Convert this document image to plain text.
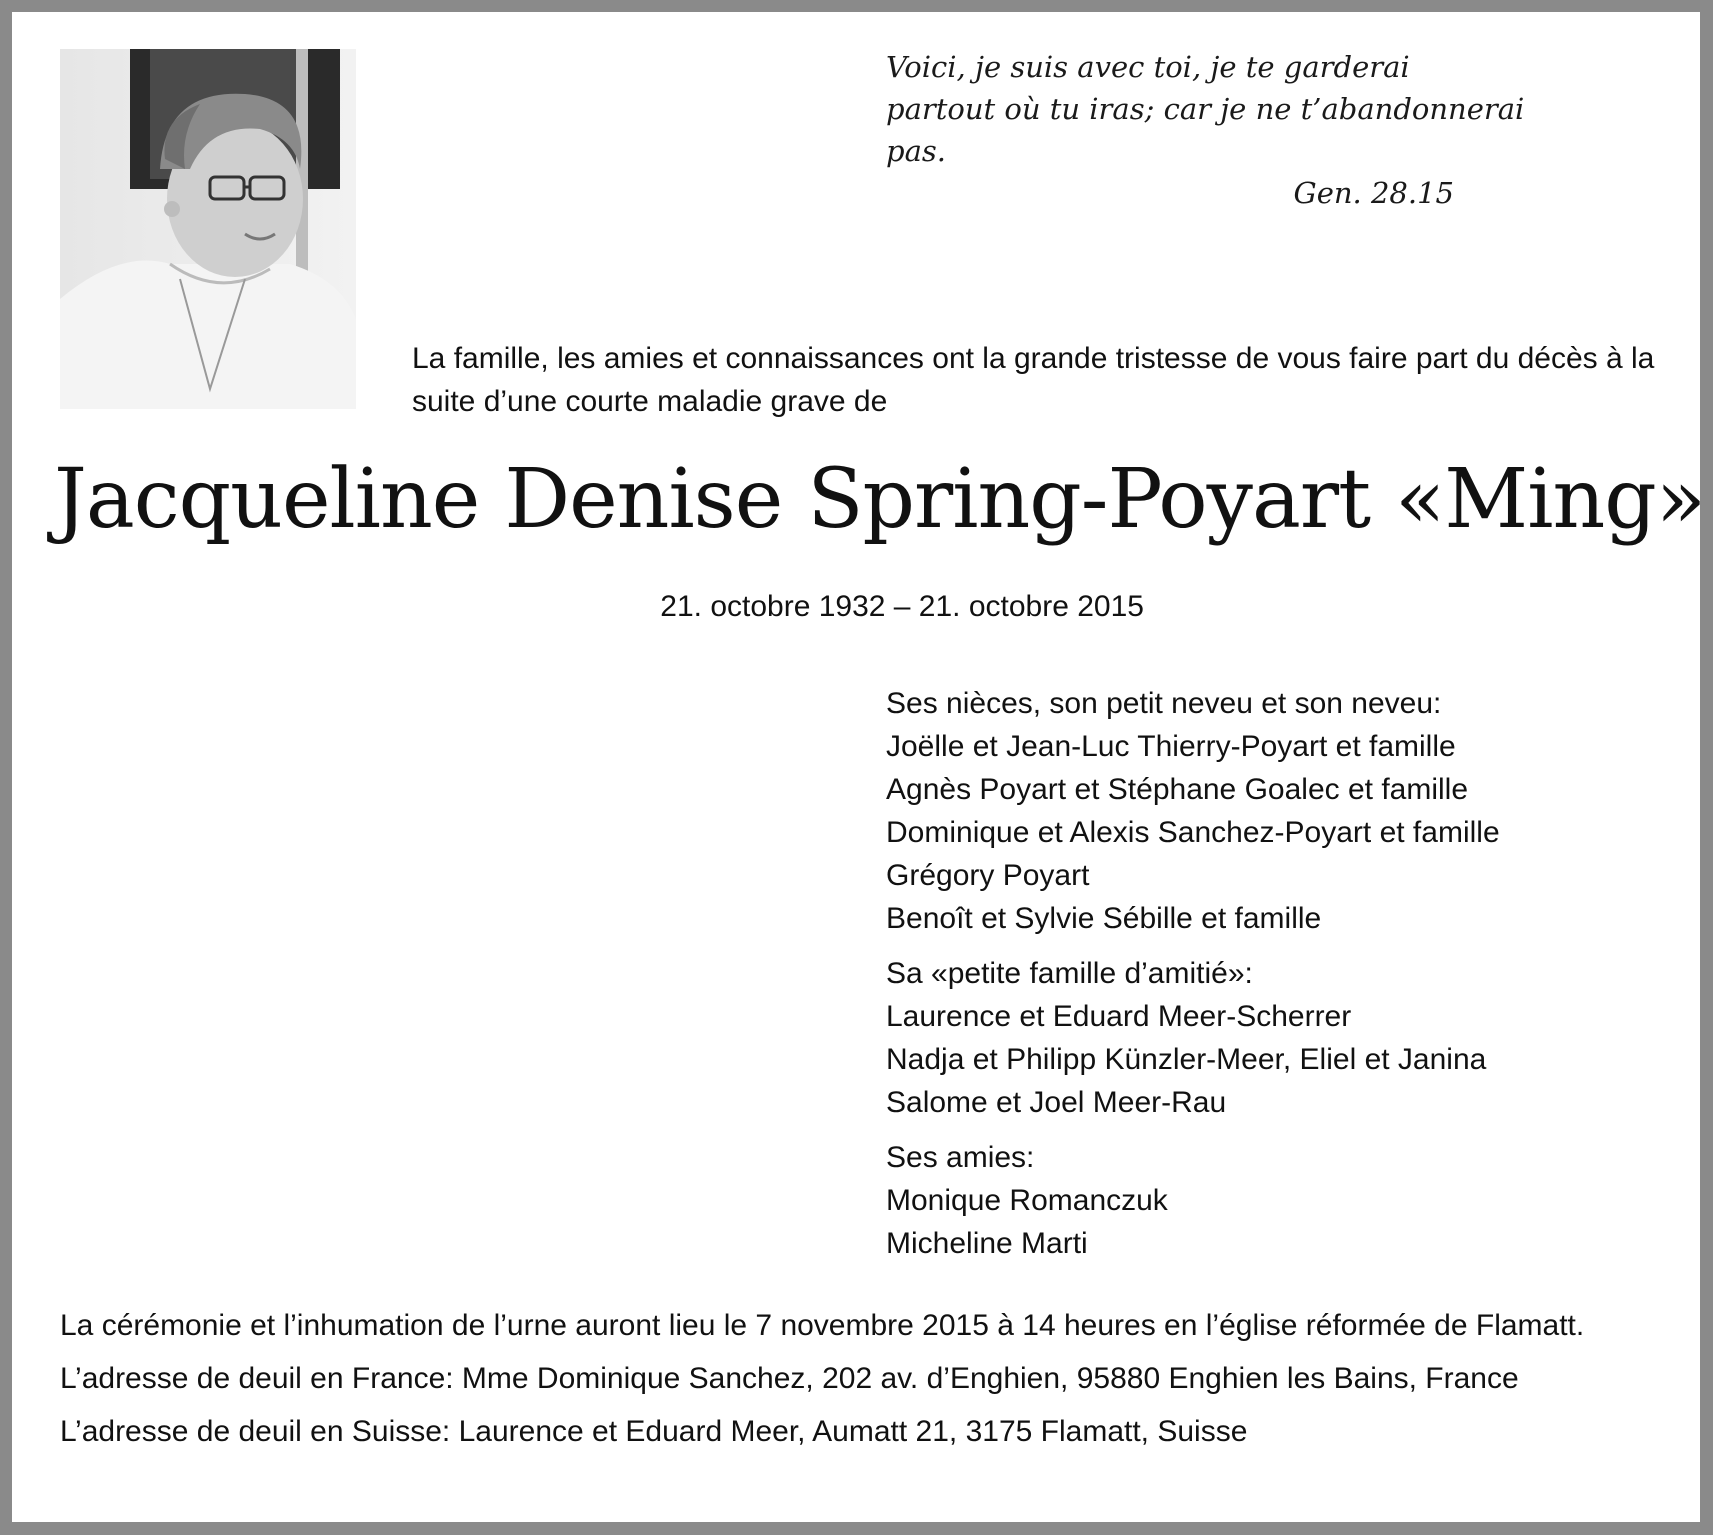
Voici, je suis avec toi, je te garderai
partout où tu iras; car je ne t’abandonnerai pas.
Gen. 28.15
La famille, les amies et connaissances ont la grande tristesse de vous faire part du décès à la suite d’une courte maladie grave de
Jacqueline Denise Spring-Poyart «Ming»
21. octobre 1932 – 21. octobre 2015
Ses nièces, son petit neveu et son neveu:
Joëlle et Jean-Luc Thierry-Poyart et famille
Agnès Poyart et Stéphane Goalec et famille
Dominique et Alexis Sanchez-Poyart et famille
Grégory Poyart
Benoît et Sylvie Sébille et famille
Sa «petite famille d’amitié»:
Laurence et Eduard Meer-Scherrer
Nadja et Philipp Künzler-Meer, Eliel et Janina
Salome et Joel Meer-Rau
Ses amies:
Monique Romanczuk
Micheline Marti

La cérémonie et l’inhumation de l’urne auront lieu le 7 novembre 2015 à 14 heures en l’église réformée de Flamatt.

L’adresse de deuil en France: Mme Dominique Sanchez, 202 av. d’Enghien, 95880 Enghien les Bains, France

L’adresse de deuil en Suisse: Laurence et Eduard Meer, Aumatt 21, 3175 Flamatt, Suisse
